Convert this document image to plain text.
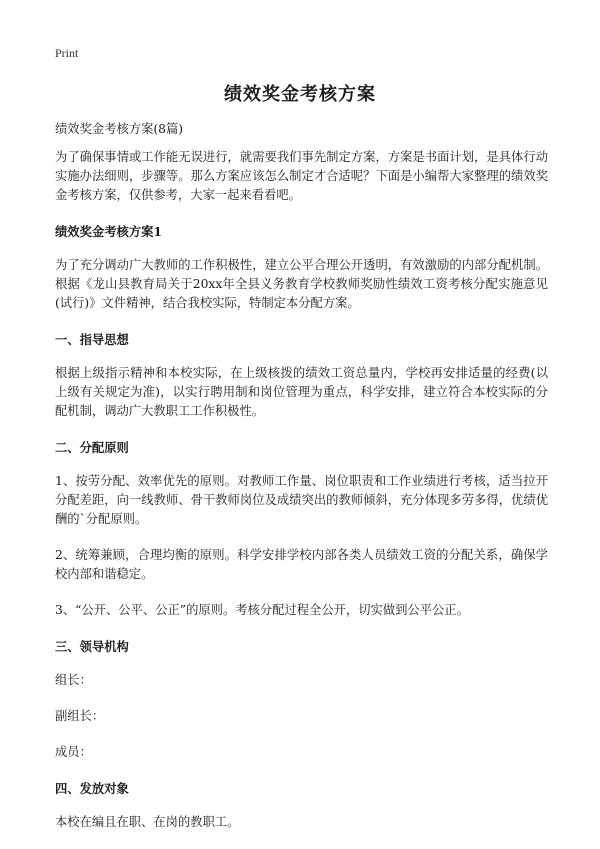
Print
绩效奖金考核方案

绩效奖金考核方案(8篇)

为了确保事情或工作能无误进行，就需要我们事先制定方案，方案是书面计划，是具体行动实施办法细则，步骤等。那么方案应该怎么制定才合适呢？下面是小编帮大家整理的绩效奖金考核方案，仅供参考，大家一起来看看吧。

绩效奖金考核方案1

为了充分调动广大教师的工作积极性，建立公平合理公开透明，有效激励的内部分配机制。根据《龙山县教育局关于20xx年全县义务教育学校教师奖励性绩效工资考核分配实施意见(试行)》文件精神，结合我校实际，特制定本分配方案。

一、指导思想

根据上级指示精神和本校实际，在上级核拨的绩效工资总量内，学校再安排适量的经费(以上级有关规定为准)，以实行聘用制和岗位管理为重点，科学安排，建立符合本校实际的分配机制，调动广大教职工工作积极性。

二、分配原则

1、按劳分配、效率优先的原则。对教师工作量、岗位职责和工作业绩进行考核，适当拉开分配差距，向一线教师、骨干教师岗位及成绩突出的教师倾斜，充分体现多劳多得，优绩优酬的`分配原则。

2、统筹兼顾，合理均衡的原则。科学安排学校内部各类人员绩效工资的分配关系，确保学校内部和谐稳定。

3、“公开、公平、公正”的原则。考核分配过程全公开，切实做到公平公正。

三、领导机构

组长：

副组长：

成员：

四、发放对象

本校在编且在职、在岗的教职工。
